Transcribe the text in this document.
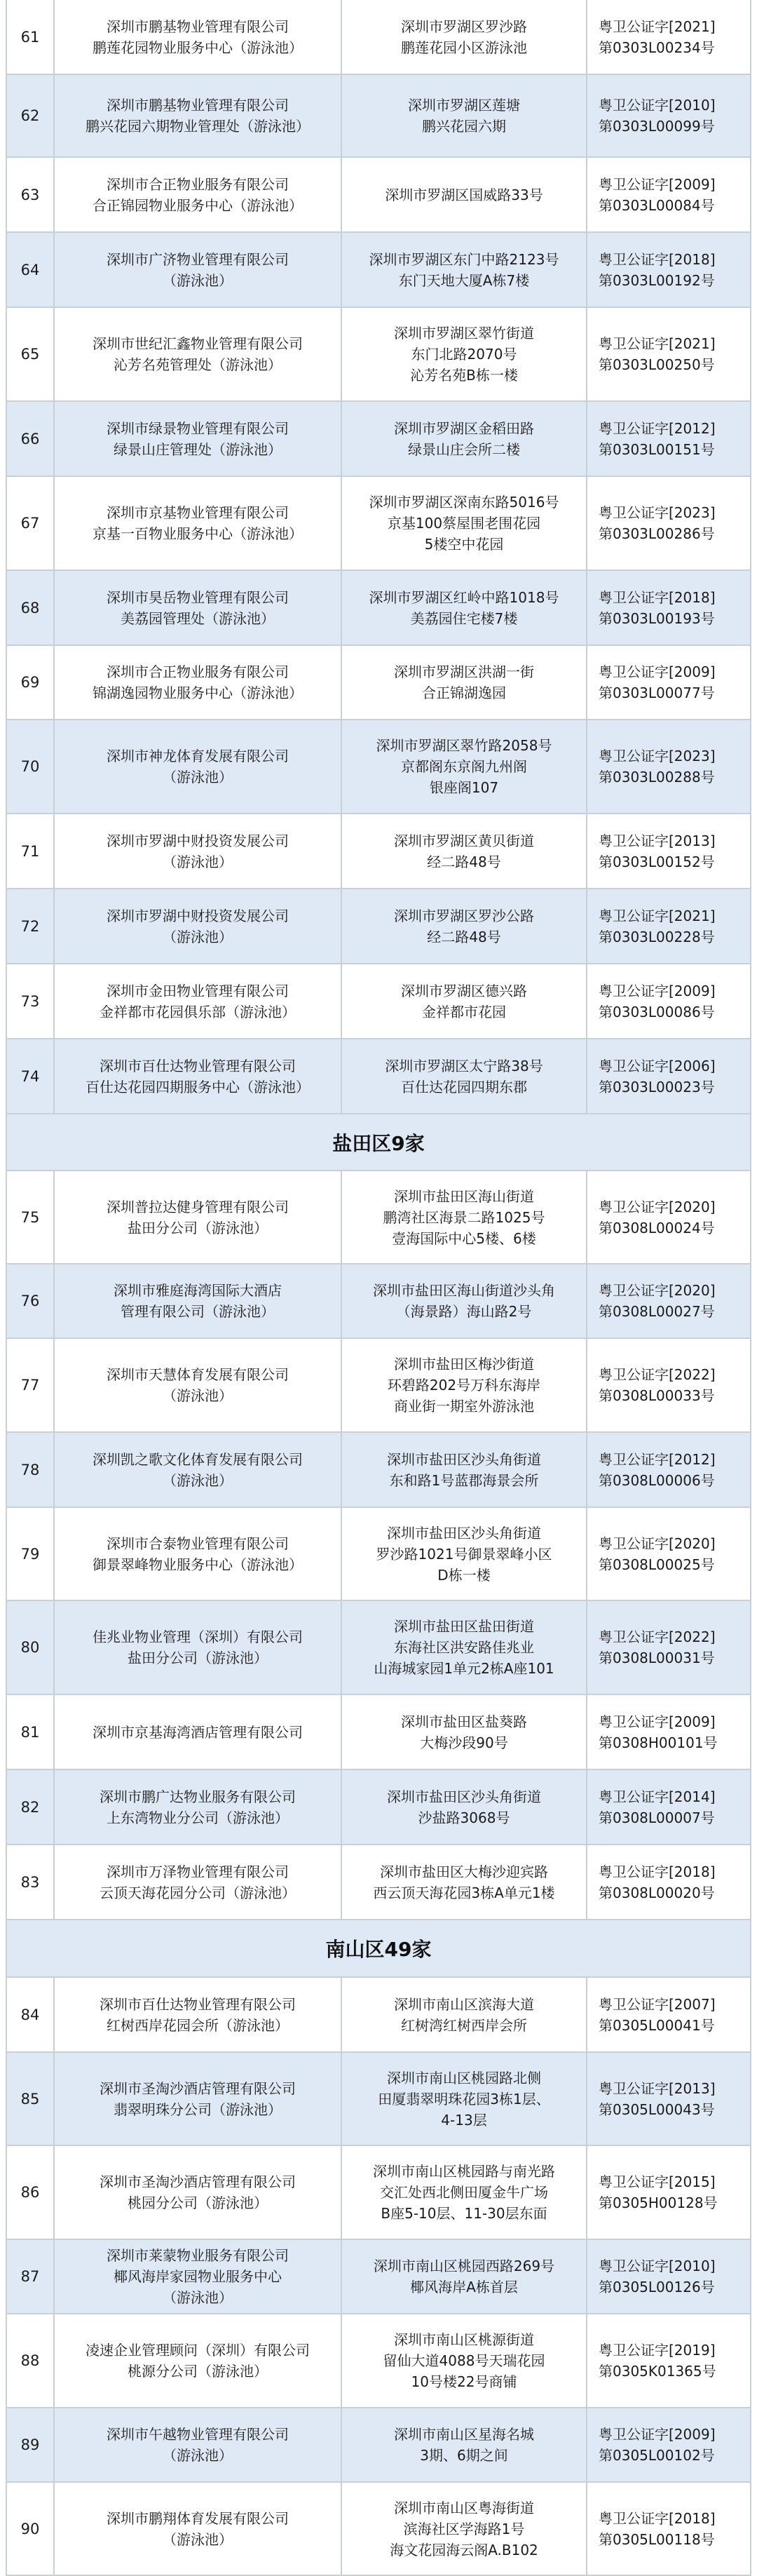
61
深圳市鹏基物业管理有限公司
鹏莲花园物业服务中心（游泳池）
深圳市罗湖区罗沙路
鹏莲花园小区游泳池
粤卫公证字[2021]
第0303L00234号
62
深圳市鹏基物业管理有限公司
鹏兴花园六期物业管理处（游泳池）
深圳市罗湖区莲塘
鹏兴花园六期
粤卫公证字[2010]
第0303L00099号
63
深圳市合正物业服务有限公司
合正锦园物业服务中心（游泳池）
深圳市罗湖区国威路33号
粤卫公证字[2009]
第0303L00084号
64
深圳市广济物业管理有限公司
（游泳池）
深圳市罗湖区东门中路2123号
东门天地大厦A栋7楼
粤卫公证字[2018]
第0303L00192号
65
深圳市世纪汇鑫物业管理有限公司
沁芳名苑管理处（游泳池）
深圳市罗湖区翠竹街道
东门北路2070号
沁芳名苑B栋一楼
粤卫公证字[2021]
第0303L00250号
66
深圳市绿景物业管理有限公司
绿景山庄管理处（游泳池）
深圳市罗湖区金稻田路
绿景山庄会所二楼
粤卫公证字[2012]
第0303L00151号
67
深圳市京基物业管理有限公司
京基一百物业服务中心（游泳池）
深圳市罗湖区深南东路5016号
京基100蔡屋围老围花园
5楼空中花园
粤卫公证字[2023]
第0303L00286号
68
深圳市昊岳物业管理有限公司
美荔园管理处（游泳池）
深圳市罗湖区红岭中路1018号
美荔园住宅楼7楼
粤卫公证字[2018]
第0303L00193号
69
深圳市合正物业服务有限公司
锦湖逸园物业服务中心（游泳池）
深圳市罗湖区洪湖一街
合正锦湖逸园
粤卫公证字[2009]
第0303L00077号
70
深圳市神龙体育发展有限公司
（游泳池）
深圳市罗湖区翠竹路2058号
京都阁东京阁九州阁
银座阁107
粤卫公证字[2023]
第0303L00288号
71
深圳市罗湖中财投资发展公司
（游泳池）
深圳市罗湖区黄贝街道
经二路48号
粤卫公证字[2013]
第0303L00152号
72
深圳市罗湖中财投资发展公司
（游泳池）
深圳市罗湖区罗沙公路
经二路48号
粤卫公证字[2021]
第0303L00228号
73
深圳市金田物业管理有限公司
金祥都市花园俱乐部（游泳池）
深圳市罗湖区德兴路
金祥都市花园
粤卫公证字[2009]
第0303L00086号
74
深圳市百仕达物业管理有限公司
百仕达花园四期服务中心（游泳池）
深圳市罗湖区太宁路38号
百仕达花园四期东郡
粤卫公证字[2006]
第0303L00023号
盐田区9家
75
深圳普拉达健身管理有限公司
盐田分公司（游泳池）
深圳市盐田区海山街道
鹏湾社区海景二路1025号
壹海国际中心5楼、6楼
粤卫公证字[2020]
第0308L00024号
76
深圳市雅庭海湾国际大酒店
管理有限公司（游泳池）
深圳市盐田区海山街道沙头角
（海景路）海山路2号
粤卫公证字[2020]
第0308L00027号
77
深圳市天慧体育发展有限公司
（游泳池）
深圳市盐田区梅沙街道
环碧路202号万科东海岸
商业街一期室外游泳池
粤卫公证字[2022]
第0308L00033号
78
深圳凯之歌文化体育发展有限公司
（游泳池）
深圳市盐田区沙头角街道
东和路1号蓝郡海景会所
粤卫公证字[2012]
第0308L00006号
79
深圳市合泰物业管理有限公司
御景翠峰物业服务中心（游泳池）
深圳市盐田区沙头角街道
罗沙路1021号御景翠峰小区
D栋一楼
粤卫公证字[2020]
第0308L00025号
80
佳兆业物业管理（深圳）有限公司
盐田分公司（游泳池）
深圳市盐田区盐田街道
东海社区洪安路佳兆业
山海城家园1单元2栋A座101
粤卫公证字[2022]
第0308L00031号
81	深圳市京基海湾酒店管理有限公司
深圳市盐田区盐葵路
大梅沙段90号
粤卫公证字[2009]
第0308H00101号
82
深圳市鹏广达物业服务有限公司
上东湾物业分公司（游泳池）
深圳市盐田区沙头角街道
沙盐路3068号
粤卫公证字[2014]
第0308L00007号
83
深圳市万泽物业管理有限公司
云顶天海花园分公司（游泳池）
深圳市盐田区大梅沙迎宾路
西云顶天海花园3栋A单元1楼
粤卫公证字[2018]
第0308L00020号
南山区49家
84
深圳市百仕达物业管理有限公司
红树西岸花园会所（游泳池）
深圳市南山区滨海大道
红树湾红树西岸会所
粤卫公证字[2007]
第0305L00041号
85
深圳市圣淘沙酒店管理有限公司
翡翠明珠分公司（游泳池）
深圳市南山区桃园路北侧
田厦翡翠明珠花园3栋1层、
4-13层
粤卫公证字[2013]
第0305L00043号
86
深圳市圣淘沙酒店管理有限公司
桃园分公司（游泳池）
深圳市南山区桃园路与南光路
交汇处西北侧田厦金牛广场
B座5-10层、11-30层东面
粤卫公证字[2015]
第0305H00128号
87
深圳市莱蒙物业服务有限公司
椰风海岸家园物业服务中心
（游泳池）
深圳市南山区桃园西路269号
椰风海岸A栋首层
粤卫公证字[2010]
第0305L00126号
88
凌速企业管理顾问（深圳）有限公司
桃源分公司（游泳池）
深圳市南山区桃源街道
留仙大道4088号天瑞花园
10号楼22号商铺
粤卫公证字[2019]
第0305K01365号
89
深圳市午越物业管理有限公司
（游泳池）
深圳市南山区星海名城
3期、6期之间
粤卫公证字[2009]
第0305L00102号
90
深圳市鹏翔体育发展有限公司
（游泳池）
深圳市南山区粤海街道
滨海社区学海路1号
海文花园海云阁A.B102
粤卫公证字[2018]
第0305L00118号
